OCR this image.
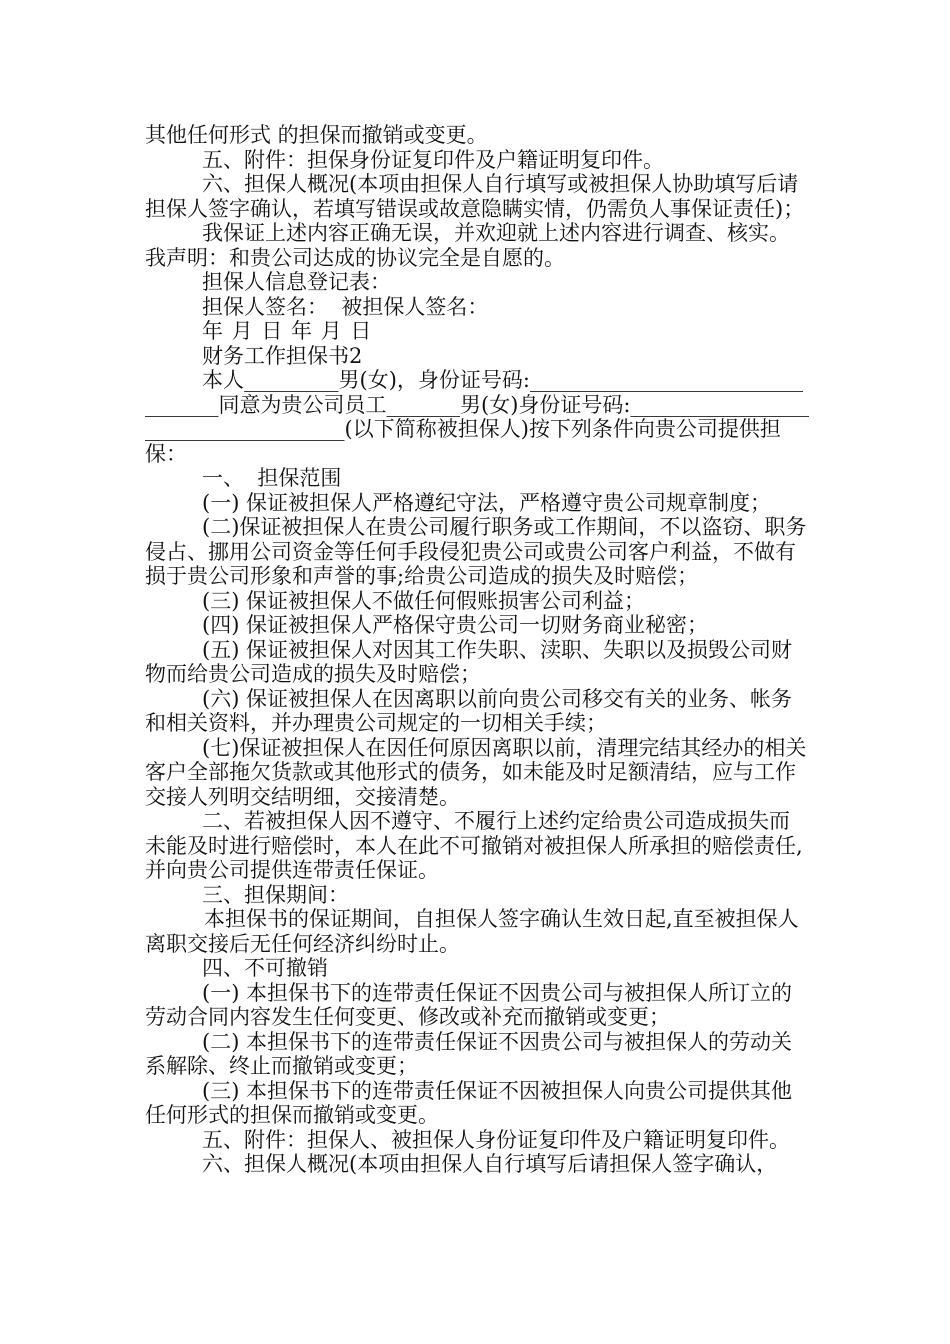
其他任何形式 的担保而撤销或变更。

五、附件：担保身份证复印件及户籍证明复印件。

六、担保人概况(本项由担保人自行填写或被担保人协助填写后请担保人签字确认，若填写错误或故意隐瞒实情，仍需负人事保证责任)；

我保证上述内容正确无误，并欢迎就上述内容进行调查、核实。我声明：和贵公司达成的协议完全是自愿的。

担保人信息登记表：

担保人签名：  被担保人签名：

年 月 日 年 月 日

财务工作担保书2

本人_________男(女)，身份证号码:_________________________________同意为贵公司员工_______男(女)身份证号码:____________________________________(以下简称被担保人)按下列条件向贵公司提供担保：

一、  担保范围

(一) 保证被担保人严格遵纪守法，严格遵守贵公司规章制度；

(二)保证被担保人在贵公司履行职务或工作期间，不以盗窃、职务侵占、挪用公司资金等任何手段侵犯贵公司或贵公司客户利益，不做有损于贵公司形象和声誉的事;给贵公司造成的损失及时赔偿；

(三) 保证被担保人不做任何假账损害公司利益；

(四) 保证被担保人严格保守贵公司一切财务商业秘密；

(五) 保证被担保人对因其工作失职、渎职、失职以及损毁公司财物而给贵公司造成的损失及时赔偿；

(六) 保证被担保人在因离职以前向贵公司移交有关的业务、帐务和相关资料，并办理贵公司规定的一切相关手续；

(七)保证被担保人在因任何原因离职以前，清理完结其经办的相关客户全部拖欠货款或其他形式的债务，如未能及时足额清结，应与工作交接人列明交结明细，交接清楚。

二、若被担保人因不遵守、不履行上述约定给贵公司造成损失而未能及时进行赔偿时，本人在此不可撤销对被担保人所承担的赔偿责任,并向贵公司提供连带责任保证。

三、担保期间：

本担保书的保证期间，自担保人签字确认生效日起,直至被担保人离职交接后无任何经济纠纷时止。

四、不可撤销

(一) 本担保书下的连带责任保证不因贵公司与被担保人所订立的劳动合同内容发生任何变更、修改或补充而撤销或变更；

(二) 本担保书下的连带责任保证不因贵公司与被担保人的劳动关系解除、终止而撤销或变更；

(三) 本担保书下的连带责任保证不因被担保人向贵公司提供其他任何形式的担保而撤销或变更。

五、附件：担保人、被担保人身份证复印件及户籍证明复印件。

六、担保人概况(本项由担保人自行填写后请担保人签字确认，
